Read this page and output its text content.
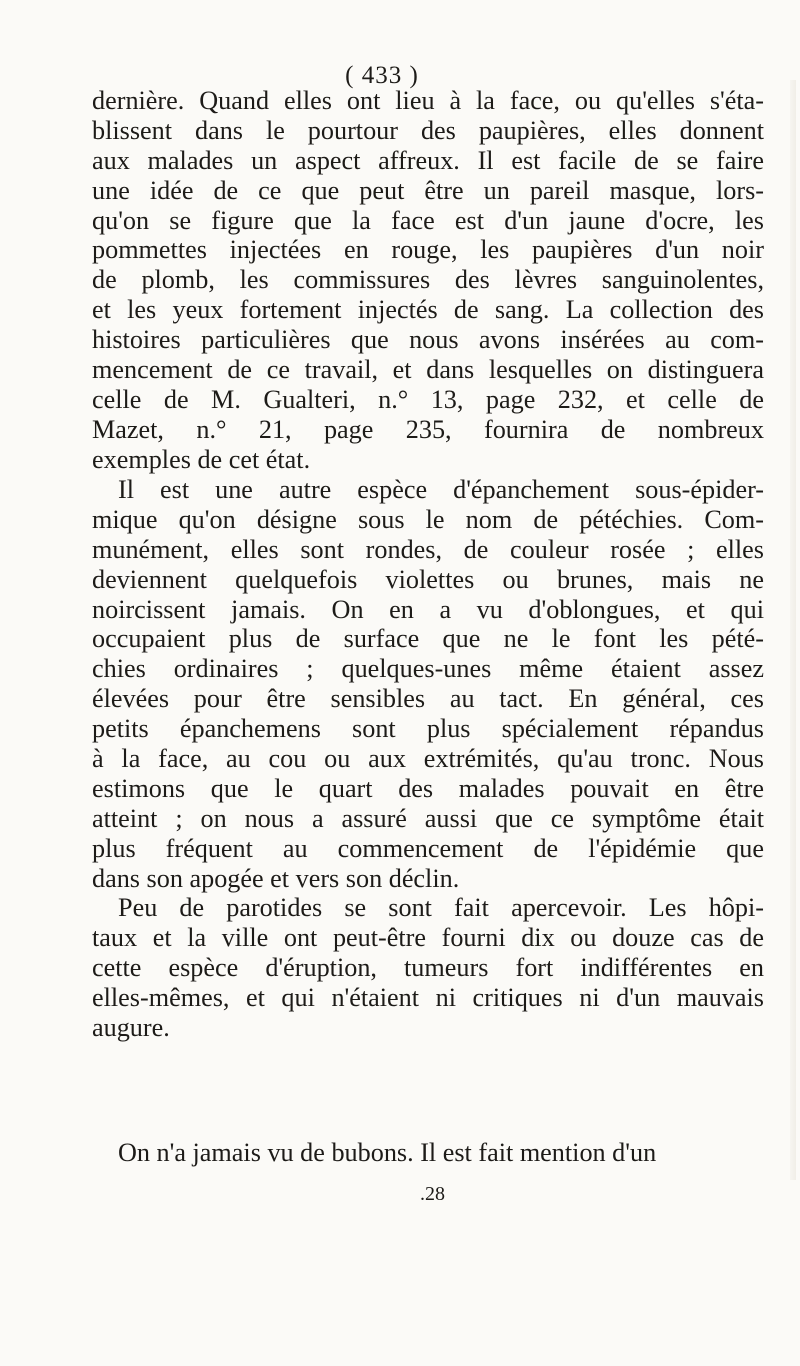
( 433 )
dernière. Quand elles ont lieu à la face, ou qu'elles s'éta-
blissent dans le pourtour des paupières, elles donnent
aux malades un aspect affreux. Il est facile de se faire
une idée de ce que peut être un pareil masque, lors-
qu'on se figure que la face est d'un jaune d'ocre, les
pommettes injectées en rouge, les paupières d'un noir
de plomb, les commissures des lèvres sanguinolentes,
et les yeux fortement injectés de sang. La collection des
histoires particulières que nous avons insérées au com-
mencement de ce travail, et dans lesquelles on distinguera
celle de M. Gualteri, n.° 13, page 232, et celle de
Mazet, n.° 21, page 235, fournira de nombreux
exemples de cet état.
Il est une autre espèce d'épanchement sous-épider-
mique qu'on désigne sous le nom de pétéchies. Com-
munément, elles sont rondes, de couleur rosée ; elles
deviennent quelquefois violettes ou brunes, mais ne
noircissent jamais. On en a vu d'oblongues, et qui
occupaient plus de surface que ne le font les pété-
chies ordinaires ; quelques-unes même étaient assez
élevées pour être sensibles au tact. En général, ces
petits épanchemens sont plus spécialement répandus
à la face, au cou ou aux extrémités, qu'au tronc. Nous
estimons que le quart des malades pouvait en être
atteint ; on nous a assuré aussi que ce symptôme était
plus fréquent au commencement de l'épidémie que
dans son apogée et vers son déclin.
Peu de parotides se sont fait apercevoir. Les hôpi-
taux et la ville ont peut-être fourni dix ou douze cas de
cette espèce d'éruption, tumeurs fort indifférentes en
elles-mêmes, et qui n'étaient ni critiques ni d'un mauvais
augure.
On n'a jamais vu de bubons. Il est fait mention d'un
.28
